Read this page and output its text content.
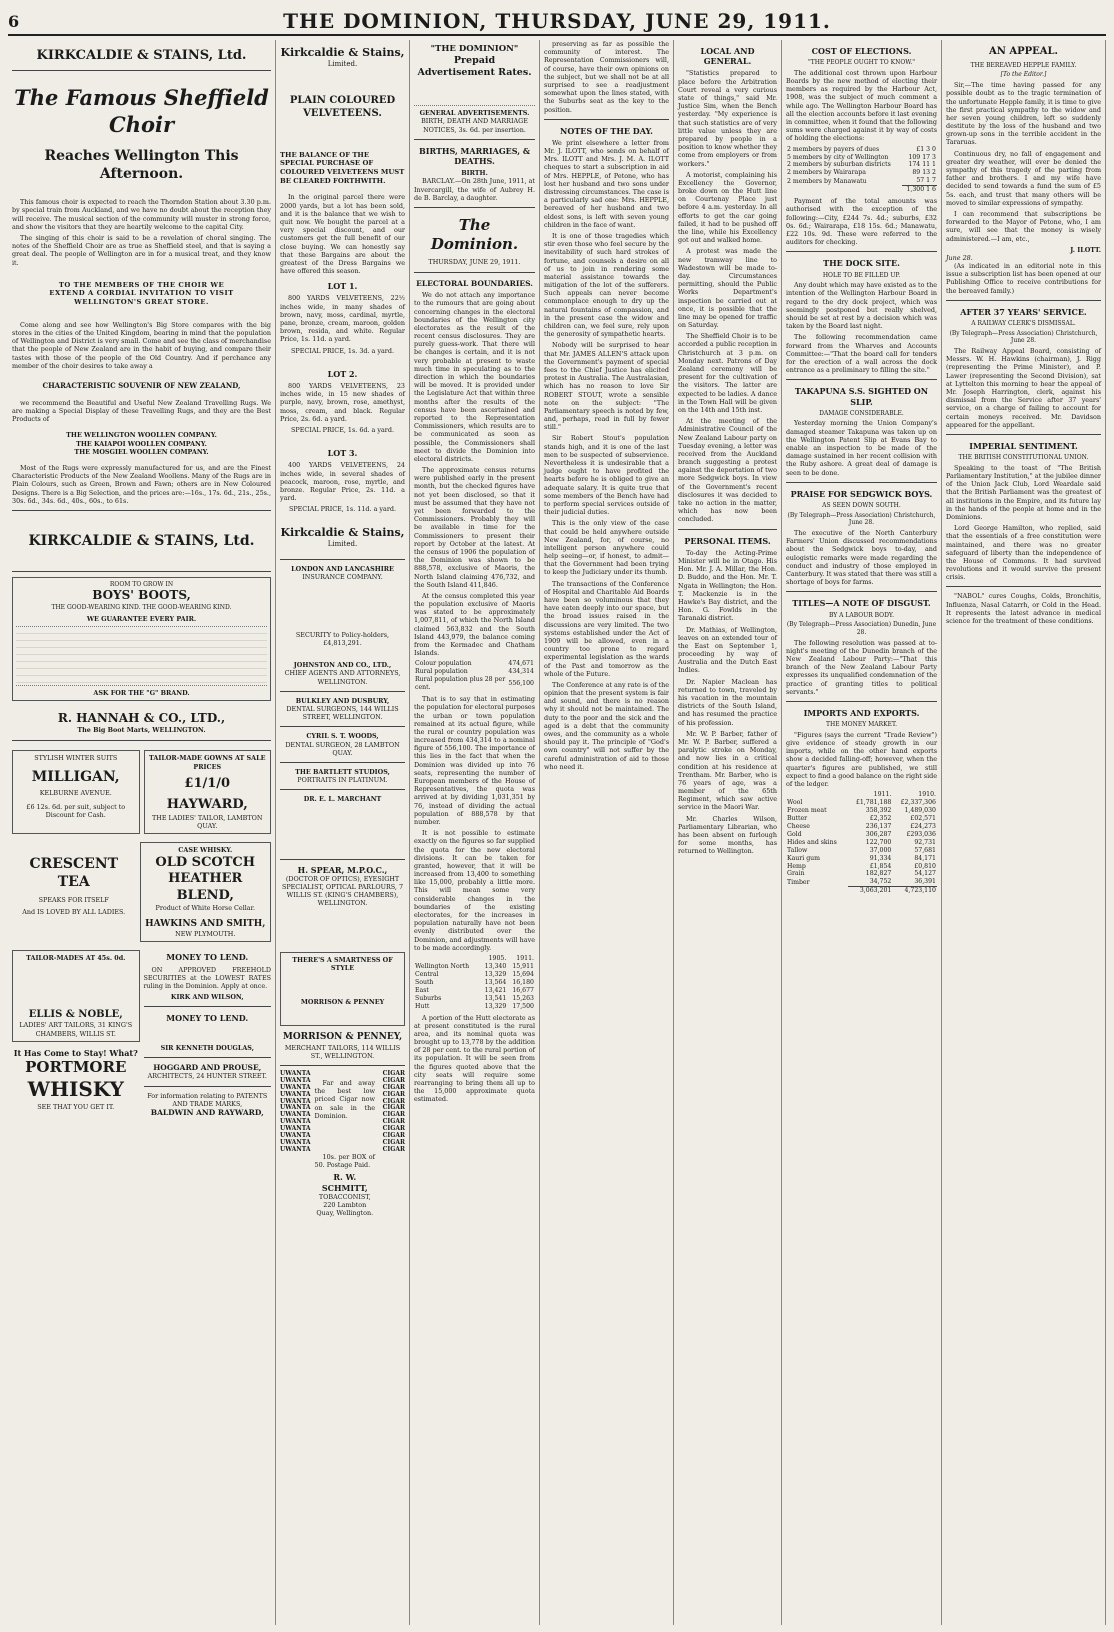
6	THE DOMINION, THURSDAY, JUNE 29, 1911.
KIRKCALDIE & STAINS, Ltd.
The Famous Sheffield Choir
Reaches Wellington This
Afternoon.

This famous choir is expected to reach the Thorndon Station about 3.30 p.m. by special train from Auckland, and we have no doubt about the reception they will receive. The musical section of the community will muster in strong force, and show the visitors that they are heartily welcome to the capital City.

The singing of this choir is said to be a revelation of choral singing. The notes of the Sheffield Choir are as true as Sheffield steel, and that is saying a great deal. The people of Wellington are in for a musical treat, and they know it.

TO THE MEMBERS OF THE CHOIR WE EXTEND A CORDIAL INVITATION TO VISIT WELLINGTON'S GREAT STORE.

Come along and see how Wellington's Big Store compares with the big stores in the cities of the United Kingdom, bearing in mind that the population of Wellington and District is very small. Come and see the class of merchandise that the people of New Zealand are in the habit of buying, and compare their tastes with those of the people of the Old Country. And if perchance any member of the choir desires to take away a

CHARACTERISTIC SOUVENIR OF NEW ZEALAND,

we recommend the Beautiful and Useful New Zealand Travelling Rugs. We are making a Special Display of these Travelling Rugs, and they are the Best Products of

THE WELLINGTON WOOLLEN COMPANY.
THE KAIAPOI WOOLLEN COMPANY.
THE MOSGIEL WOOLLEN COMPANY.

Most of the Rugs were expressly manufactured for us, and are the Finest Characteristic Products of the New Zealand Woollens. Many of the Rugs are in Plain Colours, such as Green, Brown and Fawn; others are in New Coloured Designs. There is a Big Selection, and the prices are:—16s., 17s. 6d., 21s., 25s., 30s. 6d., 34s. 6d., 40s., 60s., to 61s.

KIRKCALDIE & STAINS, Ltd.
ROOM TO GROW IN
BOYS' BOOTS,
THE GOOD-WEARING KIND. THE GOOD-WEARING KIND.
WE GUARANTEE EVERY PAIR.
ASK FOR THE "G" BRAND.
R. HANNAH & CO., LTD.,
The Big Boot Marts, WELLINGTON.
STYLISH WINTER SUITS
MILLIGAN,
KELBURNE AVENUE.
£6 12s. 6d. per suit, subject to Discount for Cash.
TAILOR-MADE GOWNS AT SALE PRICES
£1/1/0
HAYWARD,
THE LADIES' TAILOR, LAMBTON QUAY.
CRESCENT TEA
SPEAKS FOR ITSELF
And IS LOVED BY ALL LADIES.
CASE WHISKY.
OLD SCOTCH
HEATHER BLEND,
Product of White Horse Cellar.
HAWKINS AND SMITH,
NEW PLYMOUTH.
TAILOR-MADES AT 45s. 0d.
ELLIS & NOBLE,
LADIES' ART TAILORS, 31 KING'S CHAMBERS, WILLIS ST.
It Has Come to Stay! What?
PORTMORE
WHISKY
SEE THAT YOU GET IT.
MONEY TO LEND.

ON APPROVED FREEHOLD SECURITIES at the LOWEST RATES ruling in the Dominion. Apply at once.

KIRK AND WILSON,
MONEY TO LEND.
SIR KENNETH DOUGLAS,
HOGGARD AND PROUSE,
ARCHITECTS, 24 HUNTER STREET.
For information relating to PATENTS AND TRADE MARKS,
BALDWIN AND RAYWARD,
Kirkcaldie & Stains,
Limited.
PLAIN COLOURED VELVETEENS.
THE BALANCE OF THE SPECIAL PURCHASE OF COLOURED VELVETEENS MUST BE CLEARED FORTHWITH.

In the original parcel there were 2000 yards, but a lot has been sold, and it is the balance that we wish to quit now. We bought the parcel at a very special discount, and our customers get the full benefit of our close buying. We can honestly say that these Bargains are about the greatest of the Dress Bargains we have offered this season.

LOT 1.

800 YARDS VELVETEENS, 22½ inches wide, in many shades of brown, navy, moss, cardinal, myrtle, pane, bronze, cream, maroon, golden brown, resida, and white. Regular Price, 1s. 11d. a yard.

SPECIAL PRICE, 1s. 3d. a yard.
LOT 2.

800 YARDS VELVETEENS, 23 inches wide, in 15 new shades of purple, navy, brown, rose, amethyst, moss, cream, and black. Regular Price, 2s. 6d. a yard.

SPECIAL PRICE, 1s. 6d. a yard.
LOT 3.

400 YARDS VELVETEENS, 24 inches wide, in several shades of peacock, maroon, rose, myrtle, and bronze. Regular Price, 2s. 11d. a yard.

SPECIAL PRICE, 1s. 11d. a yard.
Kirkcaldie & Stains,
Limited.
LONDON AND LANCASHIRE
INSURANCE COMPANY.
SECURITY to Policy-holders, £4,813,291.
JOHNSTON AND CO., LTD.,
CHIEF AGENTS AND ATTORNEYS, WELLINGTON.
BULKLEY AND DUSBURY,
DENTAL SURGEONS, 144 WILLIS STREET, WELLINGTON.
CYRIL S. T. WOODS,
DENTAL SURGEON, 28 LAMBTON QUAY.
THE BARTLETT STUDIOS,
PORTRAITS IN PLATINUM.
DR. E. L. MARCHANT
H. SPEAR, M.P.O.C.,
(DOCTOR OF OPTICS), EYESIGHT SPECIALIST, OPTICAL PARLOURS, 7 WILLIS ST. (KING'S CHAMBERS), WELLINGTON.
THERE'S A SMARTNESS OF STYLE
MORRISON & PENNEY
MORRISON & PENNEY,
MERCHANT TAILORS, 114 WILLIS ST., WELLINGTON.
UWANTA
UWANTA
UWANTA
UWANTA
UWANTA
UWANTA
UWANTA
UWANTA
UWANTA
UWANTA
UWANTA
UWANTA

Far and away the best low priced Cigar now on sale in the Dominion.

10s. per BOX of 50. Postage Paid.

R. W. SCHMITT,
TOBACCONIST, 220 Lambton Quay, Wellington.
CIGAR
CIGAR
CIGAR
CIGAR
CIGAR
CIGAR
CIGAR
CIGAR
CIGAR
CIGAR
CIGAR
CIGAR
"THE DOMINION"
Prepaid Advertisement Rates.
GENERAL ADVERTISEMENTS.
BIRTH, DEATH AND MARRIAGE NOTICES, 3s. 6d. per insertion.
BIRTHS, MARRIAGES, & DEATHS.
BIRTH.

BARCLAY.—On 28th June, 1911, at Invercargill, the wife of Aubrey H. de B. Barclay, a daughter.

The Dominion.
THURSDAY, JUNE 29, 1911.
ELECTORAL BOUNDARIES.

We do not attach any importance to the rumours that are going about concerning changes in the electoral boundaries of the Wellington city electorates as the result of the recent census disclosures. They are purely guess-work. That there will be changes is certain, and it is not very probable at present to waste much time in speculating as to the direction in which the boundaries will be moved. It is provided under the Legislature Act that within three months after the results of the census have been ascertained and reported to the Representation Commissioners, which results are to be communicated as soon as possible, the Commissioners shall meet to divide the Dominion into electoral districts.

The approximate census returns were published early in the present month, but the checked figures have not yet been disclosed, so that it must be assumed that they have not yet been forwarded to the Commissioners. Probably they will be available in time for the Commissioners to present their report by October at the latest. At the census of 1906 the population of the Dominion was shown to be 888,578, exclusive of Maoris, the North Island claiming 476,732, and the South Island 411,846.

At the census completed this year the population exclusive of Maoris was stated to be approximately 1,007,811, of which the North Island claimed 563,832 and the South Island 443,979, the balance coming from the Kermadec and Chatham Islands.

Colour population	474,671
Rural population	434,314
Rural population plus 28 per cent.	556,100

That is to say that in estimating the population for electoral purposes the urban or town population remained at its actual figure, while the rural or country population was increased from 434,314 to a nominal figure of 556,100. The importance of this lies in the fact that when the Dominion was divided up into 76 seats, representing the number of European members of the House of Representatives, the quota was arrived at by dividing 1,031,351 by 76, instead of dividing the actual population of 888,578 by that number.

It is not possible to estimate exactly on the figures so far supplied the quota for the new electoral divisions. It can be taken for granted, however, that it will be increased from 13,400 to something like 15,000, probably a little more. This will mean some very considerable changes in the boundaries of the existing electorates, for the increases in population naturally have not been evenly distributed over the Dominion, and adjustments will have to be made accordingly.

	1905.	1911.
Wellington North	13,340	15,911
Central	13,329	15,694
South	13,564	16,180
East	13,421	16,677
Suburbs	13,541	15,263
Hutt	13,329	17,500

A portion of the Hutt electorate as at present constituted is the rural area, and its nominal quota was brought up to 13,778 by the addition of 28 per cent. to the rural portion of its population. It will be seen from the figures quoted above that the city seats will require some rearranging to bring them all up to the 15,000 approximate quota estimated.

preserving as far as possible the community of interest. The Representation Commissioners will, of course, have their own opinions on the subject, but we shall not be at all surprised to see a readjustment somewhat upon the lines stated, with the Suburbs seat as the key to the position.

NOTES OF THE DAY.

We print elsewhere a letter from Mr. J. ILOTT, who sends on behalf of Mrs. ILOTT and Mrs. J. M. A. ILOTT cheques to start a subscription in aid of Mrs. HEPPLE, of Petone, who has lost her husband and two sons under distressing circumstances. The case is a particularly sad one: Mrs. HEPPLE, bereaved of her husband and two eldest sons, is left with seven young children in the face of want.

It is one of those tragedies which stir even those who feel secure by the inevitability of such hard strokes of fortune, and counsels a desire on all of us to join in rendering some material assistance towards the mitigation of the lot of the sufferers. Such appeals can never become commonplace enough to dry up the natural fountains of compassion, and in the present case the widow and children can, we feel sure, rely upon the generosity of sympathetic hearts.

Nobody will be surprised to hear that Mr. JAMES ALLEN'S attack upon the Government's payment of special fees to the Chief Justice has elicited protest in Australia. The Australasian, which has no reason to love Sir ROBERT STOUT, wrote a sensible note on the subject: "The Parliamentary speech is noted by few, and, perhaps, read in full by fewer still."

Sir Robert Stout's population stands high, and it is one of the last men to be suspected of subservience. Nevertheless it is undesirable that a judge ought to have profited the hearts before he is obliged to give an adequate salary. It is quite true that some members of the Bench have had to perform special services outside of their judicial duties.

This is the only view of the case that could be held anywhere outside New Zealand, for, of course, no intelligent person anywhere could help seeing—or, if honest, to admit—that the Government had been trying to keep the Judiciary under its thumb.

The transactions of the Conference of Hospital and Charitable Aid Boards have been so voluminous that they have eaten deeply into our space, but the broad issues raised in the discussions are very limited. The two systems established under the Act of 1909 will be allowed, even in a country too prone to regard experimental legislation as the wards of the Past and tomorrow as the whole of the Future.

The Conference at any rate is of the opinion that the present system is fair and sound, and there is no reason why it should not be maintained. The duty to the poor and the sick and the aged is a debt that the community owes, and the community as a whole should pay it. The principle of "God's own country" will not suffer by the careful administration of aid to those who need it.

LOCAL AND GENERAL.

"Statistics prepared to place before the Arbitration Court reveal a very curious state of things," said Mr. Justice Sim, when the Bench yesterday. "My experience is that such statistics are of very little value unless they are prepared by people in a position to know whether they come from employers or from workers."

A motorist, complaining his Excellency the Governor, broke down on the Hutt line on Courtenay Place just before 4 a.m. yesterday. In all efforts to get the car going failed, it had to be pushed off the line, while his Excellency got out and walked home.

A protest was made the new tramway line to Wadestown will be made to-day. Circumstances permitting, should the Public Works Department's inspection be carried out at once, it is possible that the line may be opened for traffic on Saturday.

The Sheffield Choir is to be accorded a public reception in Christchurch at 3 p.m. on Monday next. Patrons of Day Zealand ceremony will be present for the cultivation of the visitors. The latter are expected to be ladies. A dance in the Town Hall will be given on the 14th and 15th inst.

At the meeting of the Administrative Council of the New Zealand Labour party on Tuesday evening, a letter was received from the Auckland branch suggesting a protest against the deportation of two more Sedgwick boys. In view of the Government's recent disclosures it was decided to take no action in the matter, which has now been concluded.

PERSONAL ITEMS.

To-day the Acting-Prime Minister will be in Otago. His Hon. Mr. J. A. Millar, the Hon. D. Buddo, and the Hon. Mr. T. Ngata in Wellington; the Hon. T. Mackenzie is in the Hawke's Bay district, and the Hon. G. Fowlds in the Taranaki district.

Dr. Mathias, of Wellington, leaves on an extended tour of the East on September 1, proceeding by way of Australia and the Dutch East Indies.

Dr. Napier Maclean has returned to town, traveled by his vacation in the mountain districts of the South Island, and has resumed the practice of his profession.

Mr. W. P. Barber, father of Mr. W. P. Barber, suffered a paralytic stroke on Monday, and now lies in a critical condition at his residence at Trentham. Mr. Barber, who is 76 years of age, was a member of the 65th Regiment, which saw active service in the Maori War.

Mr. Charles Wilson, Parliamentary Librarian, who has been absent on furlough for some months, has returned to Wellington.

COST OF ELECTIONS.
"THE PEOPLE OUGHT TO KNOW."

The additional cost thrown upon Harbour Boards by the new method of electing their members as required by the Harbour Act, 1908, was the subject of much comment a while ago. The Wellington Harbour Board has all the election accounts before it last evening in committee, when it found that the following sums were charged against it by way of costs of holding the elections:

2 members by payers of dues	£1 3 0
5 members by city of Wellington	109 17 3
2 members by suburban districts	174 11 1
2 members by Wairarapa	89 13 2
2 members by Manawatu	57 1 7
	1,300 1 6

Payment of the total amounts was authorised with the exception of the following:—City, £244 7s. 4d.; suburbs, £32 0s. 6d.; Wairarapa, £18 15s. 6d.; Manawatu, £22 10s. 9d. These were referred to the auditors for checking.

THE DOCK SITE.
HOLE TO BE FILLED UP.

Any doubt which may have existed as to the intention of the Wellington Harbour Board in regard to the dry dock project, which was seemingly postponed but really shelved, should be set at rest by a decision which was taken by the Board last night.

The following recommendation came forward from the Wharves and Accounts Committee:—"That the board call for tenders for the erection of a wall across the dock entrance as a preliminary to filling the site."

TAKAPUNA S.S. SIGHTED ON SLIP.
DAMAGE CONSIDERABLE.

Yesterday morning the Union Company's damaged steamer Takapuna was taken up on the Wellington Patent Slip at Evans Bay to enable an inspection to be made of the damage sustained in her recent collision with the Ruby ashore. A great deal of damage is seen to be done.

PRAISE FOR SEDGWICK BOYS.
AS SEEN DOWN SOUTH.
(By Telegraph—Press Association) Christchurch, June 28.

The executive of the North Canterbury Farmers' Union discussed recommendations about the Sedgwick boys to-day, and eulogistic remarks were made regarding the conduct and industry of those employed in Canterbury. It was stated that there was still a shortage of boys for farms.

TITLES—A NOTE OF DISGUST.
BY A LABOUR BODY.
(By Telegraph—Press Association) Dunedin, June 28.

The following resolution was passed at to-night's meeting of the Dunedin branch of the New Zealand Labour Party:—"That this branch of the New Zealand Labour Party expresses its unqualified condemnation of the practice of granting titles to political servants."

IMPORTS AND EXPORTS.
THE MONEY MARKET.

"Figures (says the current "Trade Review") give evidence of steady growth in our imports, while on the other hand exports show a decided falling-off; however, when the quarter's figures are published, we still expect to find a good balance on the right side of the ledger.

	1911.	1910.
Wool	£1,781,188	£2,337,306
Frozen meat	358,392	1,489,030
Butter	£2,352	£02,571
Cheese	236,137	£24,273
Gold	306,287	£293,036
Hides and skins	122,700	92,731
Tallow	37,000	57,681
Kauri gum	91,334	84,171
Hemp	£1,854	£0,810
Grain	182,827	54,127
Timber	34,752	36,391
	3,063,201	4,723,110
AN APPEAL.
THE BEREAVED HEPPLE FAMILY.
[To the Editor.]

Sir,—The time having passed for any possible doubt as to the tragic termination of the unfortunate Hepple family, it is time to give the first practical sympathy to the widow and her seven young children, left so suddenly destitute by the loss of the husband and two grown-up sons in the terrible accident in the Tararuas.

Continuous dry, no fall of engagement and greater dry weather, will ever be denied the sympathy of this tragedy of the parting from father and brothers. I and my wife have decided to send towards a fund the sum of £5 5s. each, and trust that many others will be moved to similar expressions of sympathy.

I can recommend that subscriptions be forwarded to the Mayor of Petone, who, I am sure, will see that the money is wisely administered.—I am, etc.,

J. ILOTT.
June 28.

(As indicated in an editorial note in this issue a subscription list has been opened at our Publishing Office to receive contributions for the bereaved family.)

AFTER 37 YEARS' SERVICE.
A RAILWAY CLERK'S DISMISSAL.
(By Telegraph—Press Association) Christchurch, June 28.

The Railway Appeal Board, consisting of Messrs. W. H. Hawkins (chairman), J. Rigg (representing the Prime Minister), and P. Lawer (representing the Second Division), sat at Lyttelton this morning to hear the appeal of Mr. Joseph Harrington, clerk, against his dismissal from the Service after 37 years' service, on a charge of failing to account for certain moneys received. Mr. Davidson appeared for the appellant.

IMPERIAL SENTIMENT.
THE BRITISH CONSTITUTIONAL UNION.

Speaking to the toast of "The British Parliamentary Institution," at the jubilee dinner of the Union Jack Club, Lord Weardale said that the British Parliament was the greatest of all institutions in the Empire, and its future lay in the hands of the people at home and in the Dominions.

Lord George Hamilton, who replied, said that the essentials of a free constitution were maintained, and there was no greater safeguard of liberty than the independence of the House of Commons. It had survived revolutions and it would survive the present crisis.

"NABOL" cures Coughs, Colds, Bronchitis, Influenza, Nasal Catarrh, or Cold in the Head. It represents the latest advance in medical science for the treatment of these conditions.
